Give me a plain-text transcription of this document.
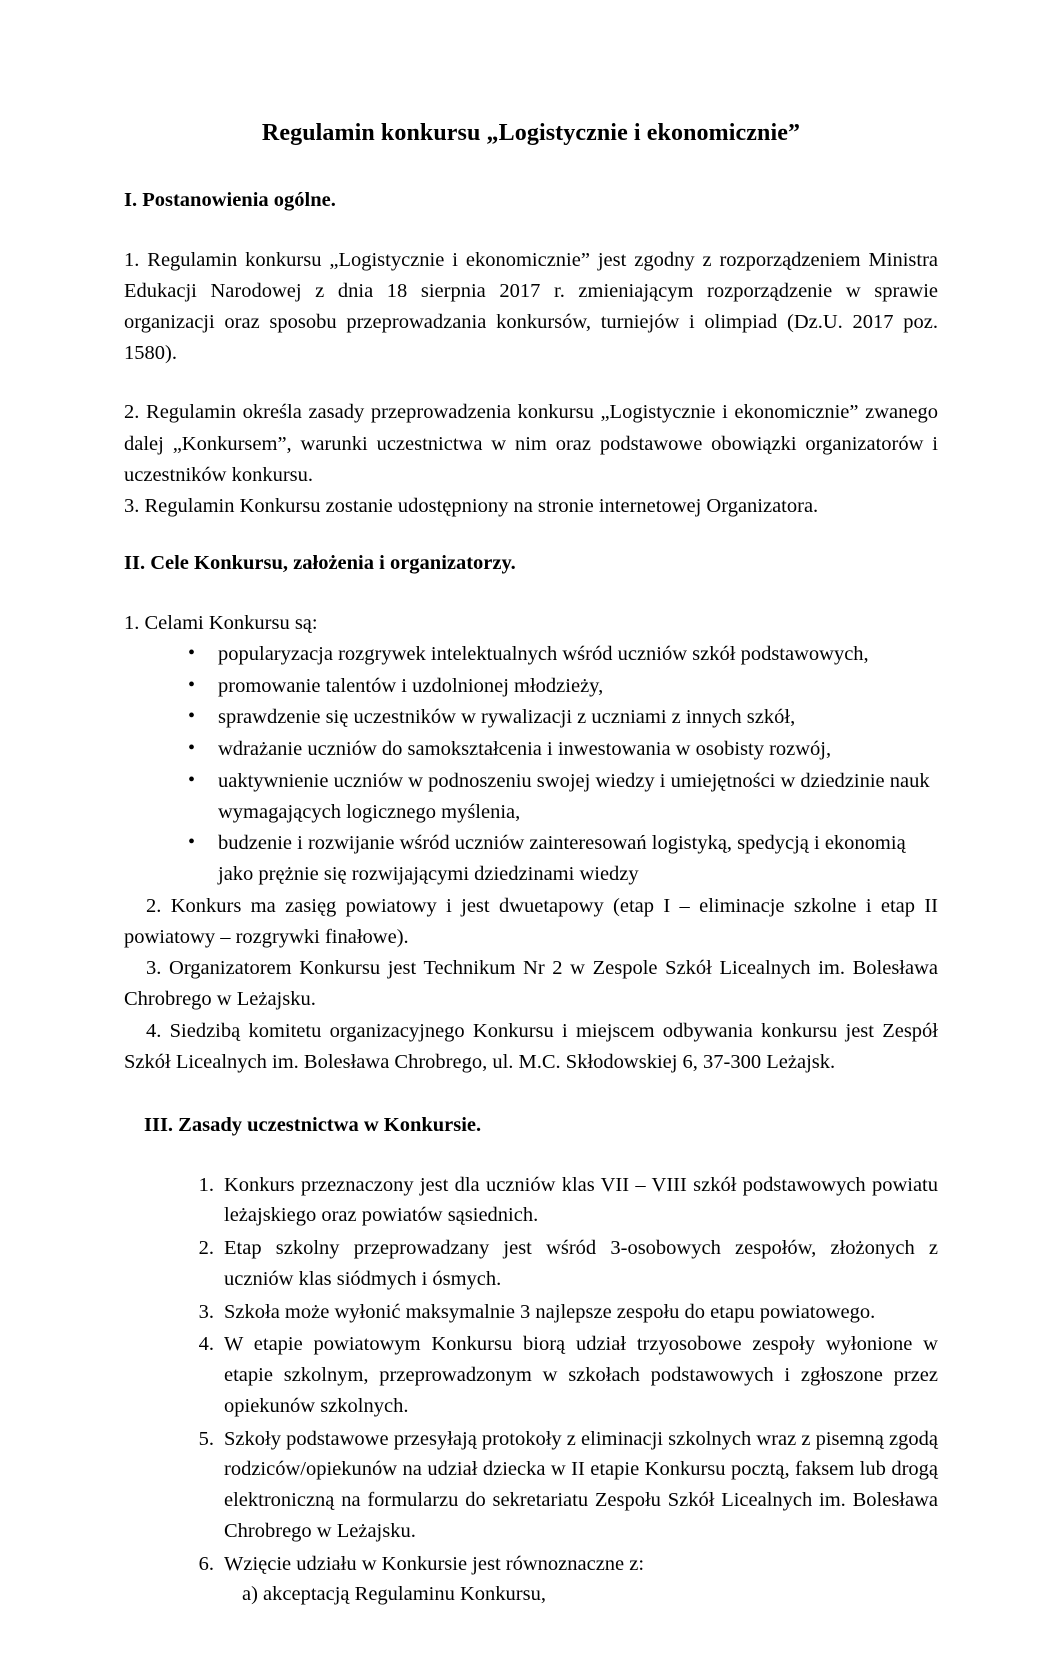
Regulamin konkursu „Logistycznie i ekonomicznie”
I. Postanowienia ogólne.

1. Regulamin konkursu „Logistycznie i ekonomicznie” jest zgodny z rozporządzeniem Ministra Edukacji Narodowej z dnia 18 sierpnia 2017 r. zmieniającym rozporządzenie w sprawie organizacji oraz sposobu przeprowadzania konkursów, turniejów i olimpiad (Dz.U. 2017 poz. 1580).

2. Regulamin określa zasady przeprowadzenia konkursu „Logistycznie i ekonomicznie” zwanego dalej „Konkursem”, warunki uczestnictwa w nim oraz podstawowe obowiązki organizatorów i uczestników konkursu.

3. Regulamin Konkursu zostanie udostępniony na stronie internetowej Organizatora.

II. Cele Konkursu, założenia i organizatorzy.

1. Celami Konkursu są:

• popularyzacja rozgrywek intelektualnych wśród uczniów szkół podstawowych,
• promowanie talentów i uzdolnionej młodzieży,
• sprawdzenie się uczestników w rywalizacji z uczniami z innych szkół,
• wdrażanie uczniów do samokształcenia i inwestowania w osobisty rozwój,
• uaktywnienie uczniów w podnoszeniu swojej wiedzy i umiejętności w dziedzinie nauk wymagających logicznego myślenia,
• budzenie i rozwijanie wśród uczniów zainteresowań logistyką, spedycją i ekonomią jako prężnie się rozwijającymi dziedzinami wiedzy

2. Konkurs ma zasięg powiatowy i jest dwuetapowy (etap I – eliminacje szkolne i etap II powiatowy – rozgrywki finałowe).

3. Organizatorem Konkursu jest Technikum Nr 2 w Zespole Szkół Licealnych im. Bolesława Chrobrego w Leżajsku.

4. Siedzibą komitetu organizacyjnego Konkursu i miejscem odbywania konkursu jest Zespół Szkół Licealnych im. Bolesława Chrobrego, ul. M.C. Skłodowskiej 6, 37-300 Leżajsk.

III. Zasady uczestnictwa w Konkursie.
Konkurs przeznaczony jest dla uczniów klas VII – VIII szkół podstawowych powiatu leżajskiego oraz powiatów sąsiednich.
Etap szkolny przeprowadzany jest wśród 3-osobowych zespołów, złożonych z uczniów klas siódmych i ósmych.
Szkoła może wyłonić maksymalnie 3 najlepsze zespołu do etapu powiatowego.
W etapie powiatowym Konkursu biorą udział trzyosobowe zespoły wyłonione w etapie szkolnym, przeprowadzonym w szkołach podstawowych i zgłoszone przez opiekunów szkolnych.
Szkoły podstawowe przesyłają protokoły z eliminacji szkolnych wraz z pisemną zgodą rodziców/opiekunów na udział dziecka w II etapie Konkursu pocztą, faksem lub drogą elektroniczną na formularzu do sekretariatu Zespołu Szkół Licealnych im. Bolesława Chrobrego w Leżajsku.
Wzięcie udziału w Konkursie jest równoznaczne z:
a) akceptacją Regulaminu Konkursu,
